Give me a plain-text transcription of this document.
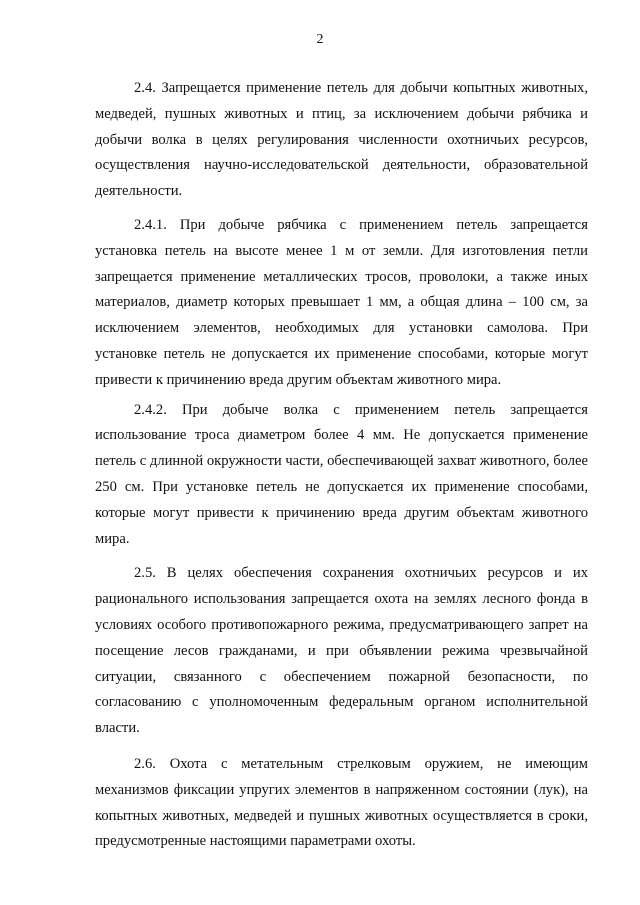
2

2.4. Запрещается применение петель для добычи копытных животных, медведей, пушных животных и птиц, за исключением добычи рябчика и добычи волка в целях регулирования численности охотничьих ресурсов, осуществления научно-исследовательской деятельности, образовательной деятельности.

2.4.1. При добыче рябчика с применением петель запрещается установка петель на высоте менее 1 м от земли. Для изготовления петли запрещается применение металлических тросов, проволоки, а также иных материалов, диаметр которых превышает 1 мм, а общая длина – 100 см, за исключением элементов, необходимых для установки самолова. При установке петель не допускается их применение способами, которые могут привести к причинению вреда другим объектам животного мира.

2.4.2. При добыче волка с применением петель запрещается использование троса диаметром более 4 мм. Не допускается применение петель с длинной окружности части, обеспечивающей захват животного, более 250 см. При установке петель не допускается их применение способами, которые могут привести к причинению вреда другим объектам животного мира.

2.5. В целях обеспечения сохранения охотничьих ресурсов и их рационального использования запрещается охота на землях лесного фонда в условиях особого противопожарного режима, предусматривающего запрет на посещение лесов гражданами, и при объявлении режима чрезвычайной ситуации, связанного с обеспечением пожарной безопасности, по согласованию с уполномоченным федеральным органом исполнительной власти.

2.6. Охота с метательным стрелковым оружием, не имеющим механизмов фиксации упругих элементов в напряженном состоянии (лук), на копытных животных, медведей и пушных животных осуществляется в сроки, предусмотренные настоящими параметрами охоты.
